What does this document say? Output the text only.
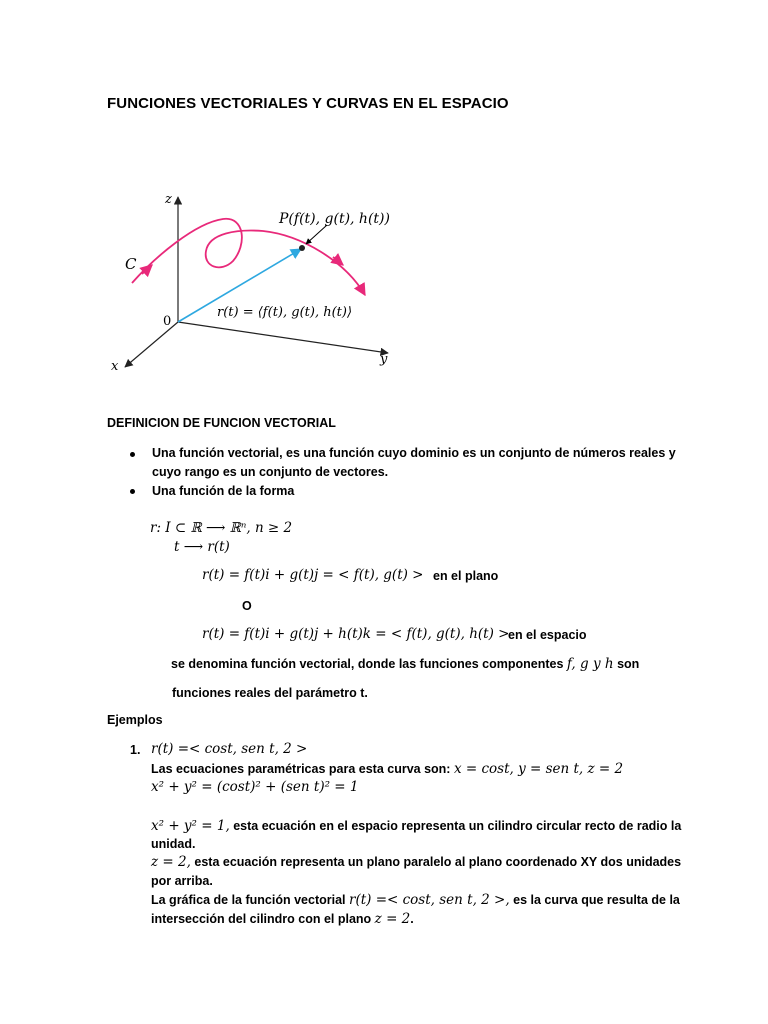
FUNCIONES VECTORIALES Y CURVAS EN EL ESPACIO
z
x	y
0
C
P(f(t), g(t), h(t))
r(t) = ⟨f(t), g(t), h(t)⟩
DEFINICION DE FUNCION VECTORIAL
Una función vectorial, es una función cuyo dominio es un conjunto de números reales y
cuyo rango es un conjunto de vectores.
Una función de la forma
r: I ⊂ ℝ ⟶ ℝⁿ, n ≥ 2
t ⟶ r(t)
r(t) = f(t)i + g(t)j = < f(t), g(t) > en el plano
O
r(t) = f(t)i + g(t)j + h(t)k = < f(t), g(t), h(t) >
en el espacio
se denomina función vectorial, donde las funciones componentes f, g y h son
funciones reales del parámetro t.
Ejemplos
1. r(t) =< cost, sen t, 2 >
Las ecuaciones paramétricas para esta curva son: x = cost, y = sen t, z = 2
x² + y² = (cost)² + (sen t)² = 1
x² + y² = 1, esta ecuación en el espacio representa un cilindro circular recto de radio la
unidad.
z = 2, esta ecuación representa un plano paralelo al plano coordenado XY dos unidades
por arriba.
La gráfica de la función vectorial r(t) =< cost, sen t, 2 >, es la curva que resulta de la
intersección del cilindro con el plano z = 2.
